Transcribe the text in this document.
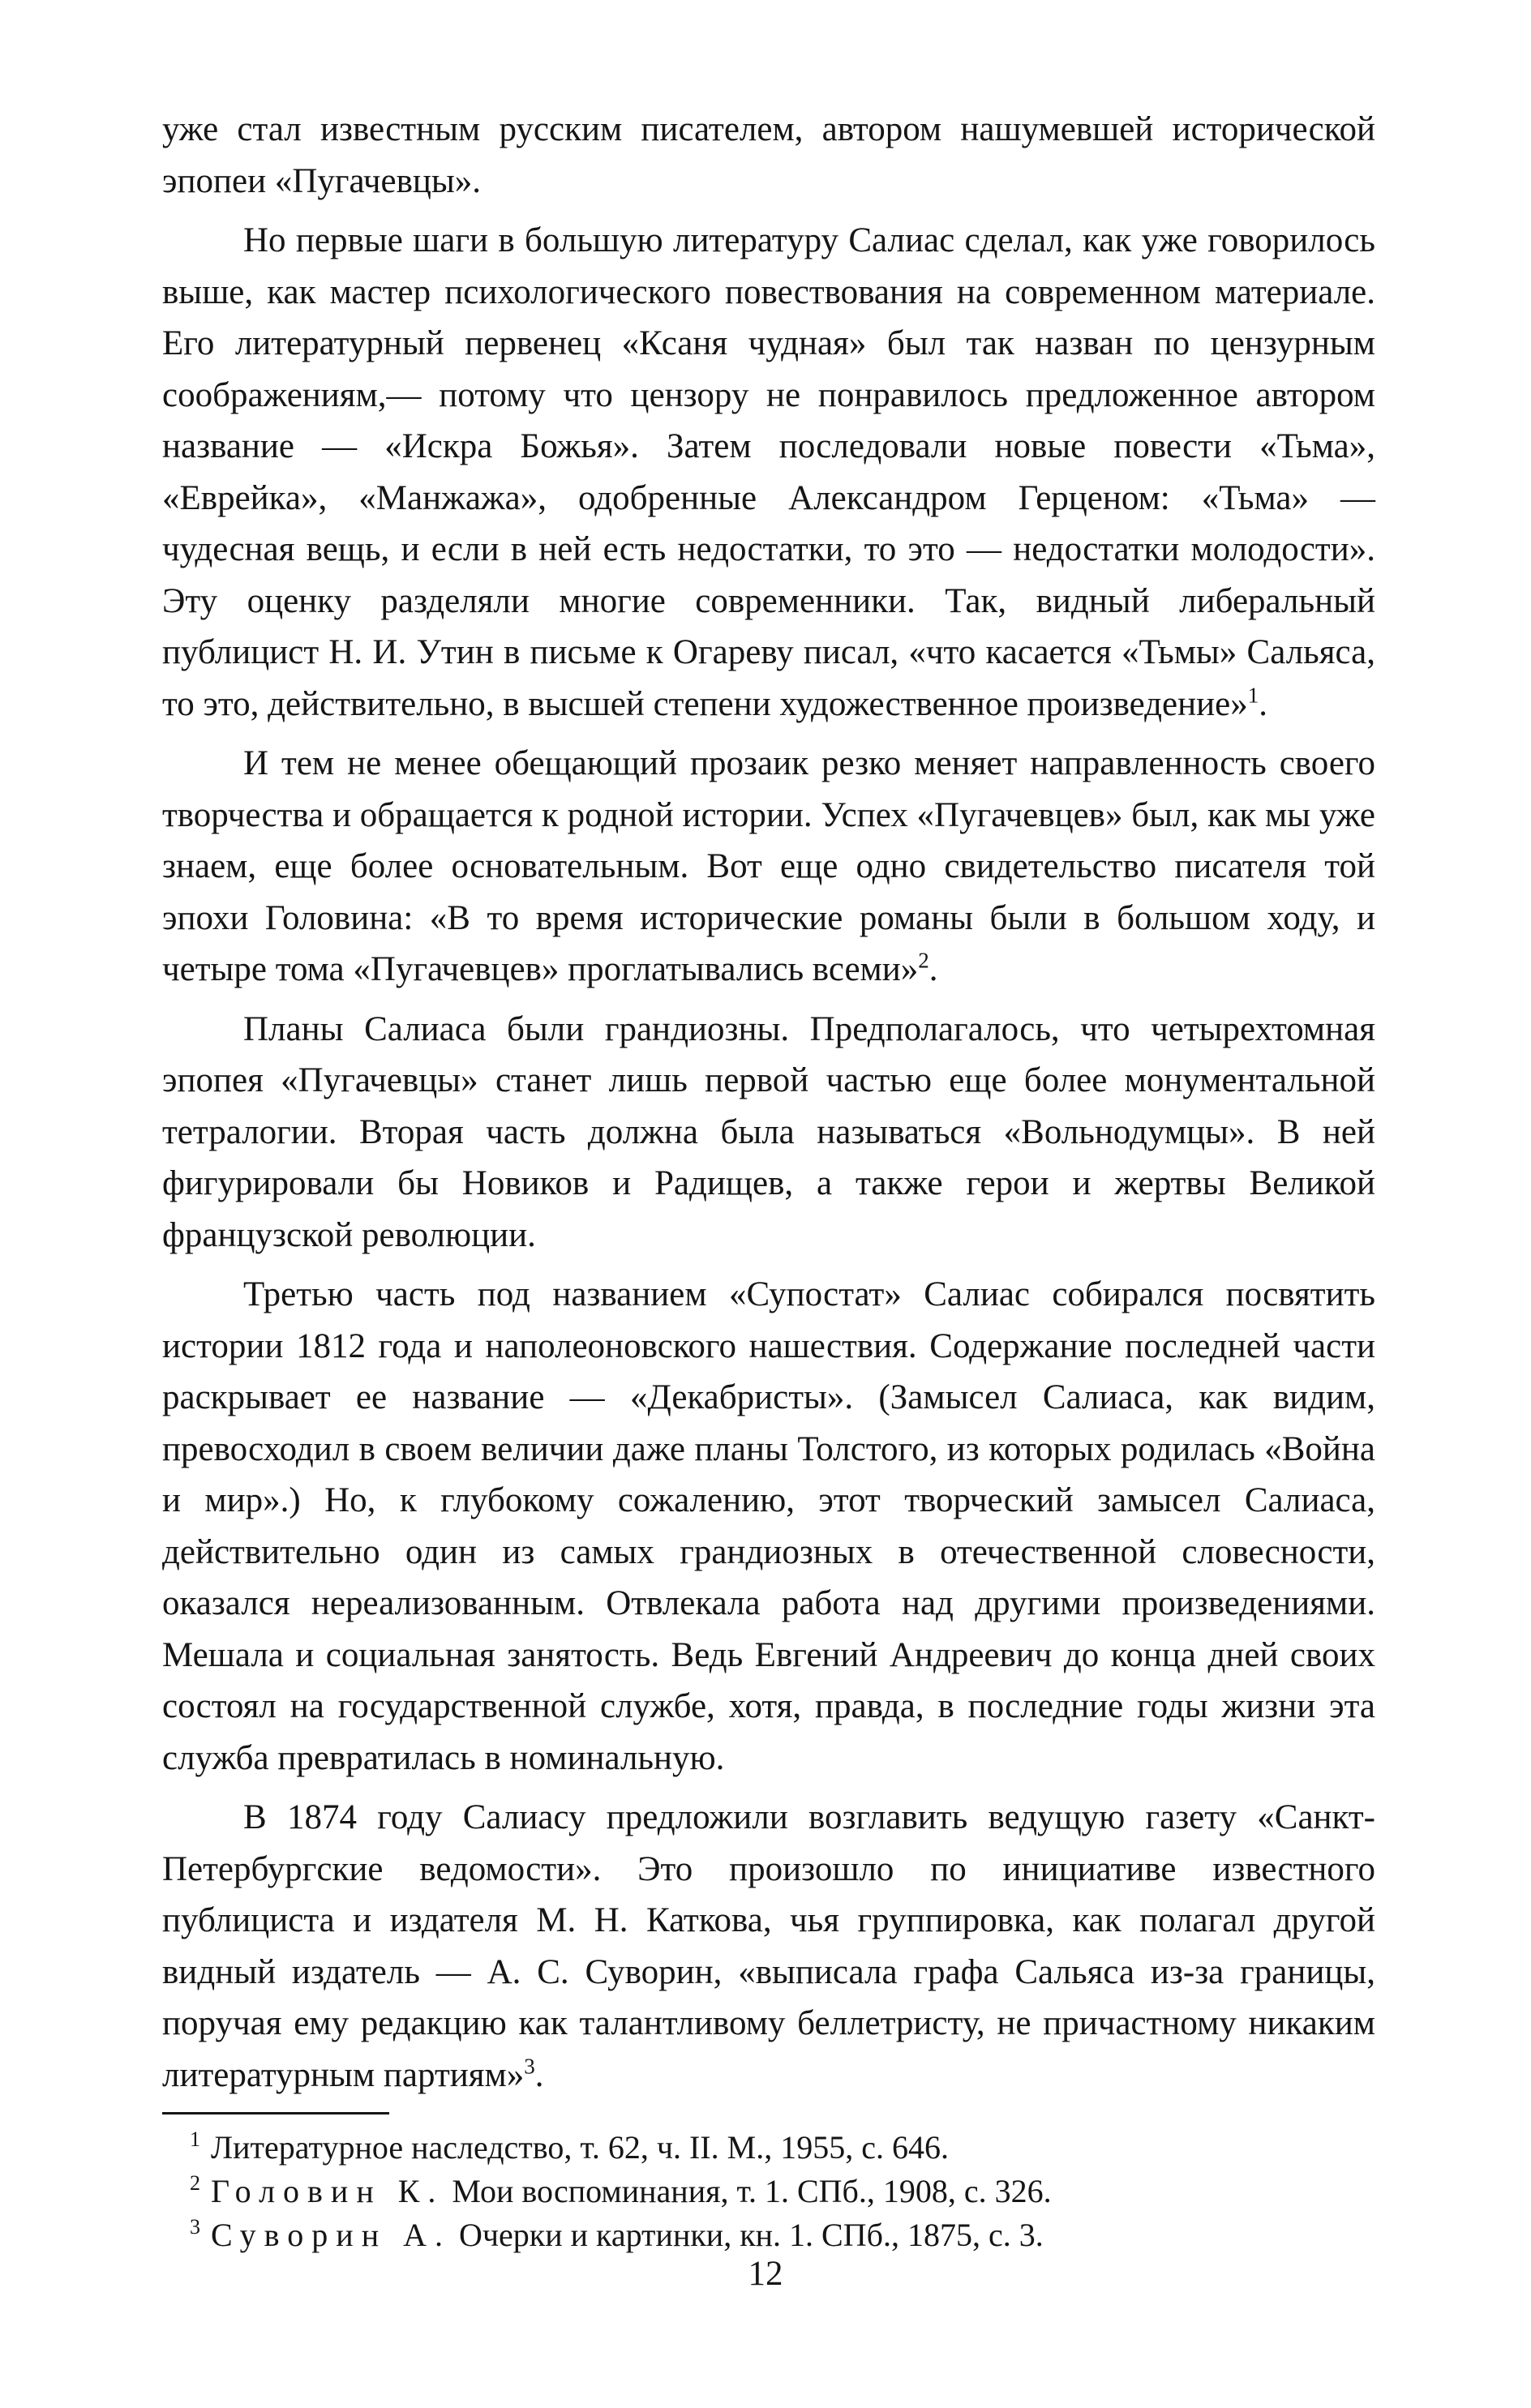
уже стал известным русским писателем, автором нашумевшей исторической эпопеи «Пугачевцы».

Но первые шаги в большую литературу Салиас сделал, как уже говорилось выше, как мастер психологического повествования на современном материале. Его литературный первенец «Ксаня чудная» был так назван по цензурным соображениям,— потому что цензору не понравилось предложенное автором название — «Искра Божья». Затем последовали новые повести «Тьма», «Еврейка», «Манжажа», одобренные Александром Герценом: «Тьма» — чудесная вещь, и если в ней есть недостатки, то это — недостатки молодости». Эту оценку разделяли многие современники. Так, видный либеральный публицист Н. И. Утин в письме к Огареву писал, «что касается «Тьмы» Сальяса, то это, действительно, в высшей степени художественное произведение»$^1$.

И тем не менее обещающий прозаик резко меняет направленность своего творчества и обращается к родной истории. Успех «Пугачевцев» был, как мы уже знаем, еще более основательным. Вот еще одно свидетельство писателя той эпохи Головина: «В то время исторические романы были в большом ходу, и четыре тома «Пугачевцев» проглатывались всеми»$^2$.

Планы Салиаса были грандиозны. Предполагалось, что четырехтомная эпопея «Пугачевцы» станет лишь первой частью еще более монументальной тетралогии. Вторая часть должна была называться «Вольнодумцы». В ней фигурировали бы Новиков и Радищев, а также герои и жертвы Великой французской революции.

Третью часть под названием «Супостат» Салиас собирался посвятить истории 1812 года и наполеоновского нашествия. Содержание последней части раскрывает ее название — «Декабристы». (Замысел Салиаса, как видим, превосходил в своем величии даже планы Толстого, из которых родилась «Война и мир».) Но, к глубокому сожалению, этот творческий замысел Салиаса, действительно один из самых грандиозных в отечественной словесности, оказался нереализованным. Отвлекала работа над другими произведениями. Мешала и социальная занятость. Ведь Евгений Андреевич до конца дней своих состоял на государственной службе, хотя, правда, в последние годы жизни эта служба превратилась в номинальную.

В 1874 году Салиасу предложили возглавить ведущую газету «Санкт-Петербургские ведомости». Это произошло по инициативе известного публициста и издателя М. Н. Каткова, чья группировка, как полагал другой видный издатель — А. С. Суворин, «выписала графа Сальяса из-за границы, поручая ему редакцию как талантливому беллетристу, не причастному никаким литературным партиям»$^3$.

1 Литературное наследство, т. 62, ч. II. М., 1955, с. 646.
2 Головин К. Мои воспоминания, т. 1. СПб., 1908, с. 326.
3 Суворин А. Очерки и картинки, кн. 1. СПб., 1875, с. 3.
12
